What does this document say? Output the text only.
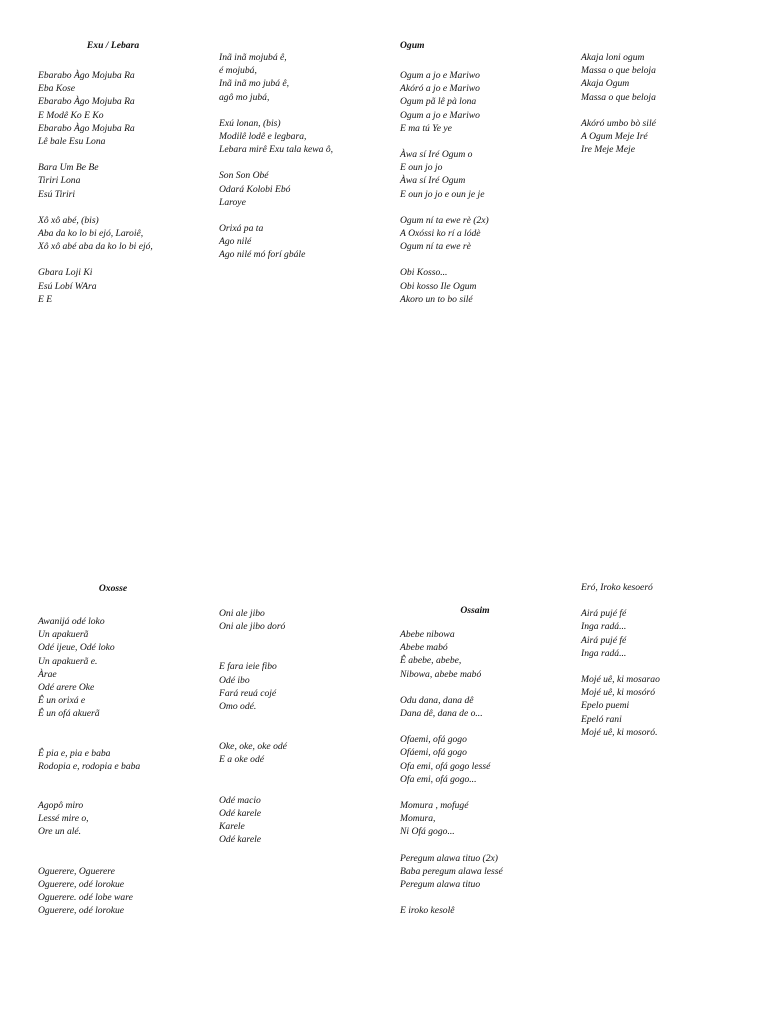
Exu / Lebara
Ebarabo Àgo Mojuba Ra
Eba Kose
Ebarabo Àgo Mojuba Ra
E Modê Ko E Ko
Ebarabo Àgo Mojuba Ra
Lê bale Esu Lona
Bara Um Be Be
Tiriri Lona
Esú Tiriri
Xô xô abé, (bis)
Aba da ko lo bi ejó, Laroiê,
Xô xô abé aba da ko lo bi ejó,
Gbara Loji Ki
Esú Lobí WAra
E E
Inã inã mojubá ê,
é mojubá,
Inã inã mo jubá ê,
agô mo jubá,
Exú lonan, (bis)
Modilê lodê e legbara,
Lebara mirê Exu tala kewa ô,
Son Son Obé
Odará Kolobi Ebó
Laroye
Orixá pa ta
Ago nilé
Ago nilé mó forí gbále
Ogum
Ogum a jo e Mariwo
Akóró a jo e Mariwo
Ogum pã lê pà lona
Ogum a jo e Mariwo
E ma tú Ye ye
Àwa sí Iré Ogum o
E oun jo jo
Àwa sí Iré Ogum
E oun jo jo e oun je je
Ogum ní ta ewe rè (2x)
A Oxóssi ko rí a lódè
Ogum ní ta ewe rè
Obi Kosso...
Obi kosso Ile Ogum
Akoro un to bo silé
Akaja loni ogum
Massa o que beloja
Akaja Ogum
Massa o que beloja
Akóró umbo bò silé
A Ogum Meje Iré
Ire Meje Meje
Oxosse
Awanijá odé loko
Un apakuerã
Odé ijeue, Odé loko
Un apakuerã e.
Àrae
Odé arere Oke
Ê un orixá e
Ê un ofá akuerã
Ê pia e, pia e baba
Rodopia e, rodopia e baba
Agopô miro
Lessé mire o,
Ore un alé.
Oguerere, Oguerere
Oguerere, odé lorokue
Oguerere. odé lobe ware
Oguerere, odé lorokue
Oni ale jibo
Oni ale jibo doró
E fara ieie fibo
Odé ibo
Fará reuá cojé
Omo odé.
Oke, oke, oke odé
E a oke odé
Odé macio
Odé karele
Karele
Odé karele
Ossaim
Abebe nibowa
Abebe mabó
Ê abebe, abebe,
Nibowa, abebe mabó
Odu dana, dana dê
Dana dê, dana de o...
Ofaemi, ofá gogo
Ofáemi, ofá gogo
Ofa emi, ofá gogo lessé
Ofa emi, ofá gogo...
Momura , mofugé
Momura,
Ni Ofá gogo...
Peregum alawa tituo (2x)
Baba peregum alawa lessé
Peregum alawa tituo
E iroko kesolê
Eró, Iroko kesoeró
Airá pujé fé
Inga radá...
Airá pujé fé
Inga radá...
Mojé uê, ki mosarao
Mojé uê, ki mosóró
Epelo puemi
Epeló rani
Mojé uê, ki mosoró.
